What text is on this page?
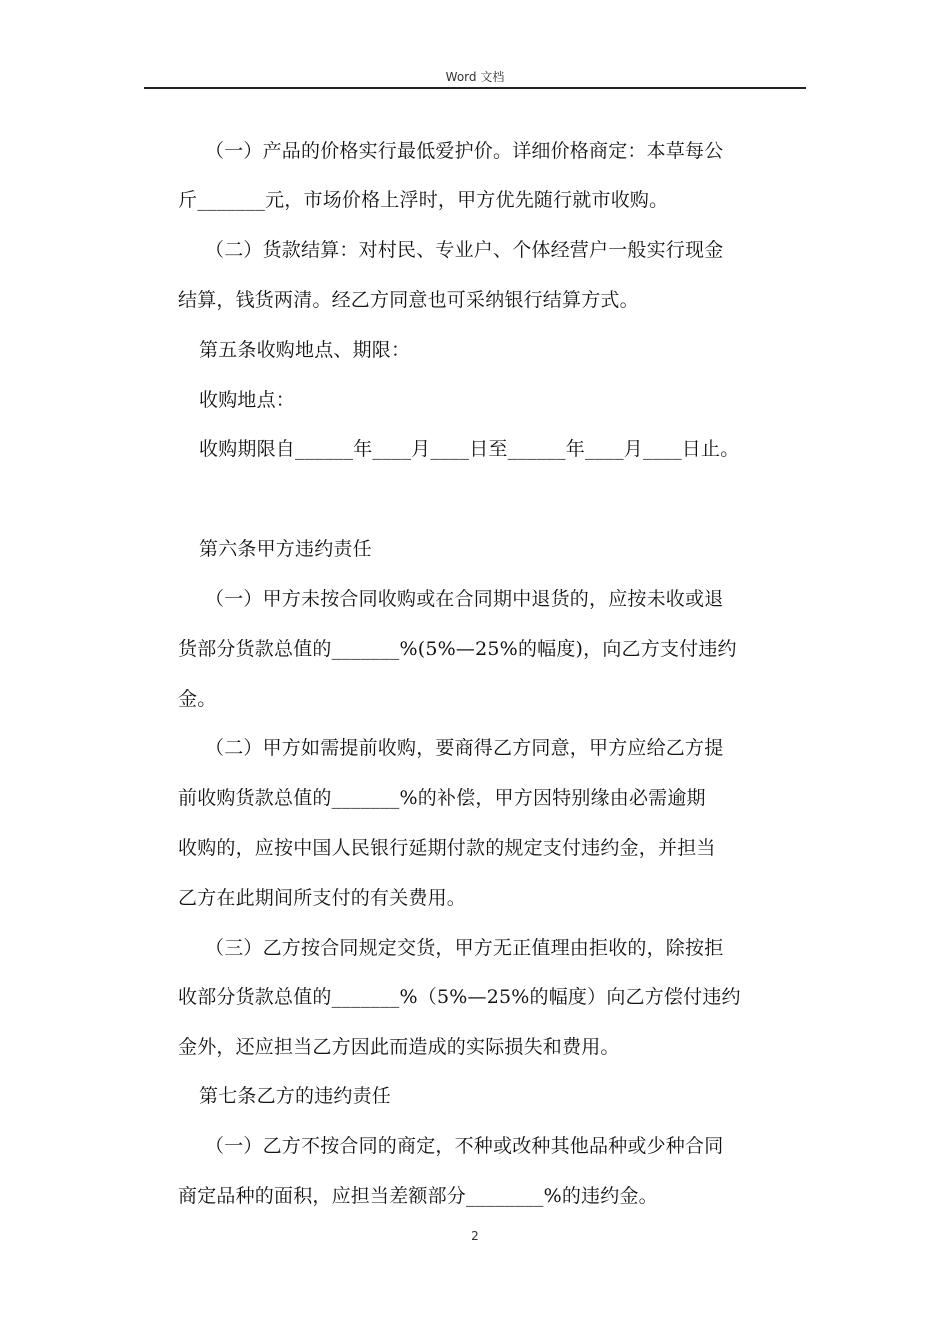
Word 文档
（一）产品的价格实行最低爱护价。详细价格商定：本草每公
斤_______元，市场价格上浮时，甲方优先随行就市收购。
（二）货款结算：对村民、专业户、个体经营户一般实行现金
结算，钱货两清。经乙方同意也可采纳银行结算方式。
第五条收购地点、期限：
收购地点：
收购期限自______年____月____日至______年____月____日止。
第六条甲方违约责任
（一）甲方未按合同收购或在合同期中退货的，应按未收或退
货部分货款总值的_______%(5%—25%的幅度)，向乙方支付违约
金。
（二）甲方如需提前收购，要商得乙方同意，甲方应给乙方提
前收购货款总值的_______%的补偿，甲方因特别缘由必需逾期
收购的，应按中国人民银行延期付款的规定支付违约金，并担当
乙方在此期间所支付的有关费用。
（三）乙方按合同规定交货，甲方无正值理由拒收的，除按拒
收部分货款总值的_______%（5%—25%的幅度）向乙方偿付违约
金外，还应担当乙方因此而造成的实际损失和费用。
第七条乙方的违约责任
（一）乙方不按合同的商定，不种或改种其他品种或少种合同
商定品种的面积，应担当差额部分________%的违约金。
2
